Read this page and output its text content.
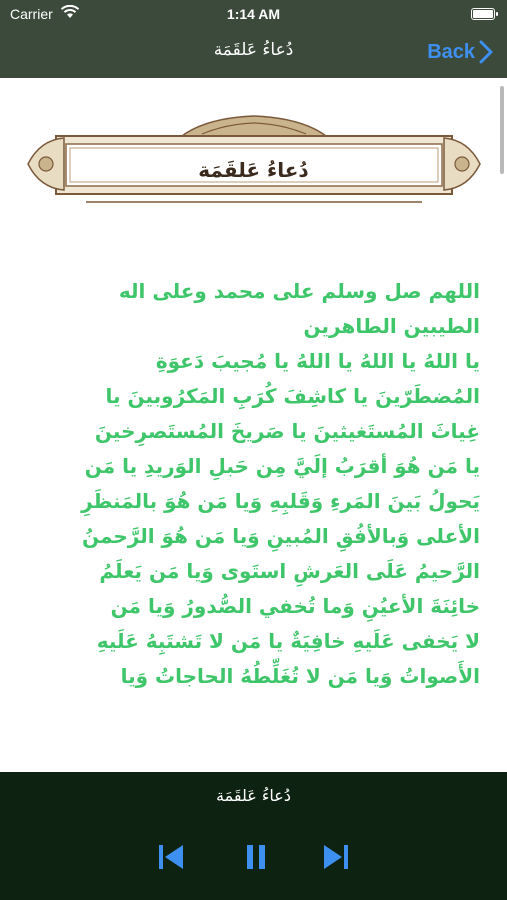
Carrier	1:14 AM
دُعاءُ عَلقَمَة	Back
دُعاءُ عَلقَمَة

اللهم صل وسلم على محمد وعلى اله

الطيبين الطاهرين

يا اللهُ يا اللهُ يا اللهُ يا مُجيبَ دَعوَةِ

المُضطَرّينَ يا كاشِفَ كُرَبِ المَكرُوبينَ يا

غِياثَ المُستَغيثينَ يا صَريخَ المُستَصرِخينَ

يا مَن هُوَ أقرَبُ إلَيَّ مِن حَبلِ الوَريدِ يا مَن

يَحولُ بَينَ المَرءِ وَقَلبِهِ وَيا مَن هُوَ بالمَنظَرِ

الأعلى وَبالأفُقِ المُبينِ وَيا مَن هُوَ الرَّحمنُ

الرَّحيمُ عَلَى العَرشِ استَوى وَيا مَن يَعلَمُ

خائِنَةَ الأعيُنِ وَما تُخفي الصُّدورُ وَيا مَن

لا يَخفى عَلَيهِ خافِيَةٌ يا مَن لا تَشتَبِهُ عَلَيهِ

الأَصواتُ وَيا مَن لا تُغَلِّطُهُ الحاجاتُ وَيا

دُعاءُ عَلقَمَة
